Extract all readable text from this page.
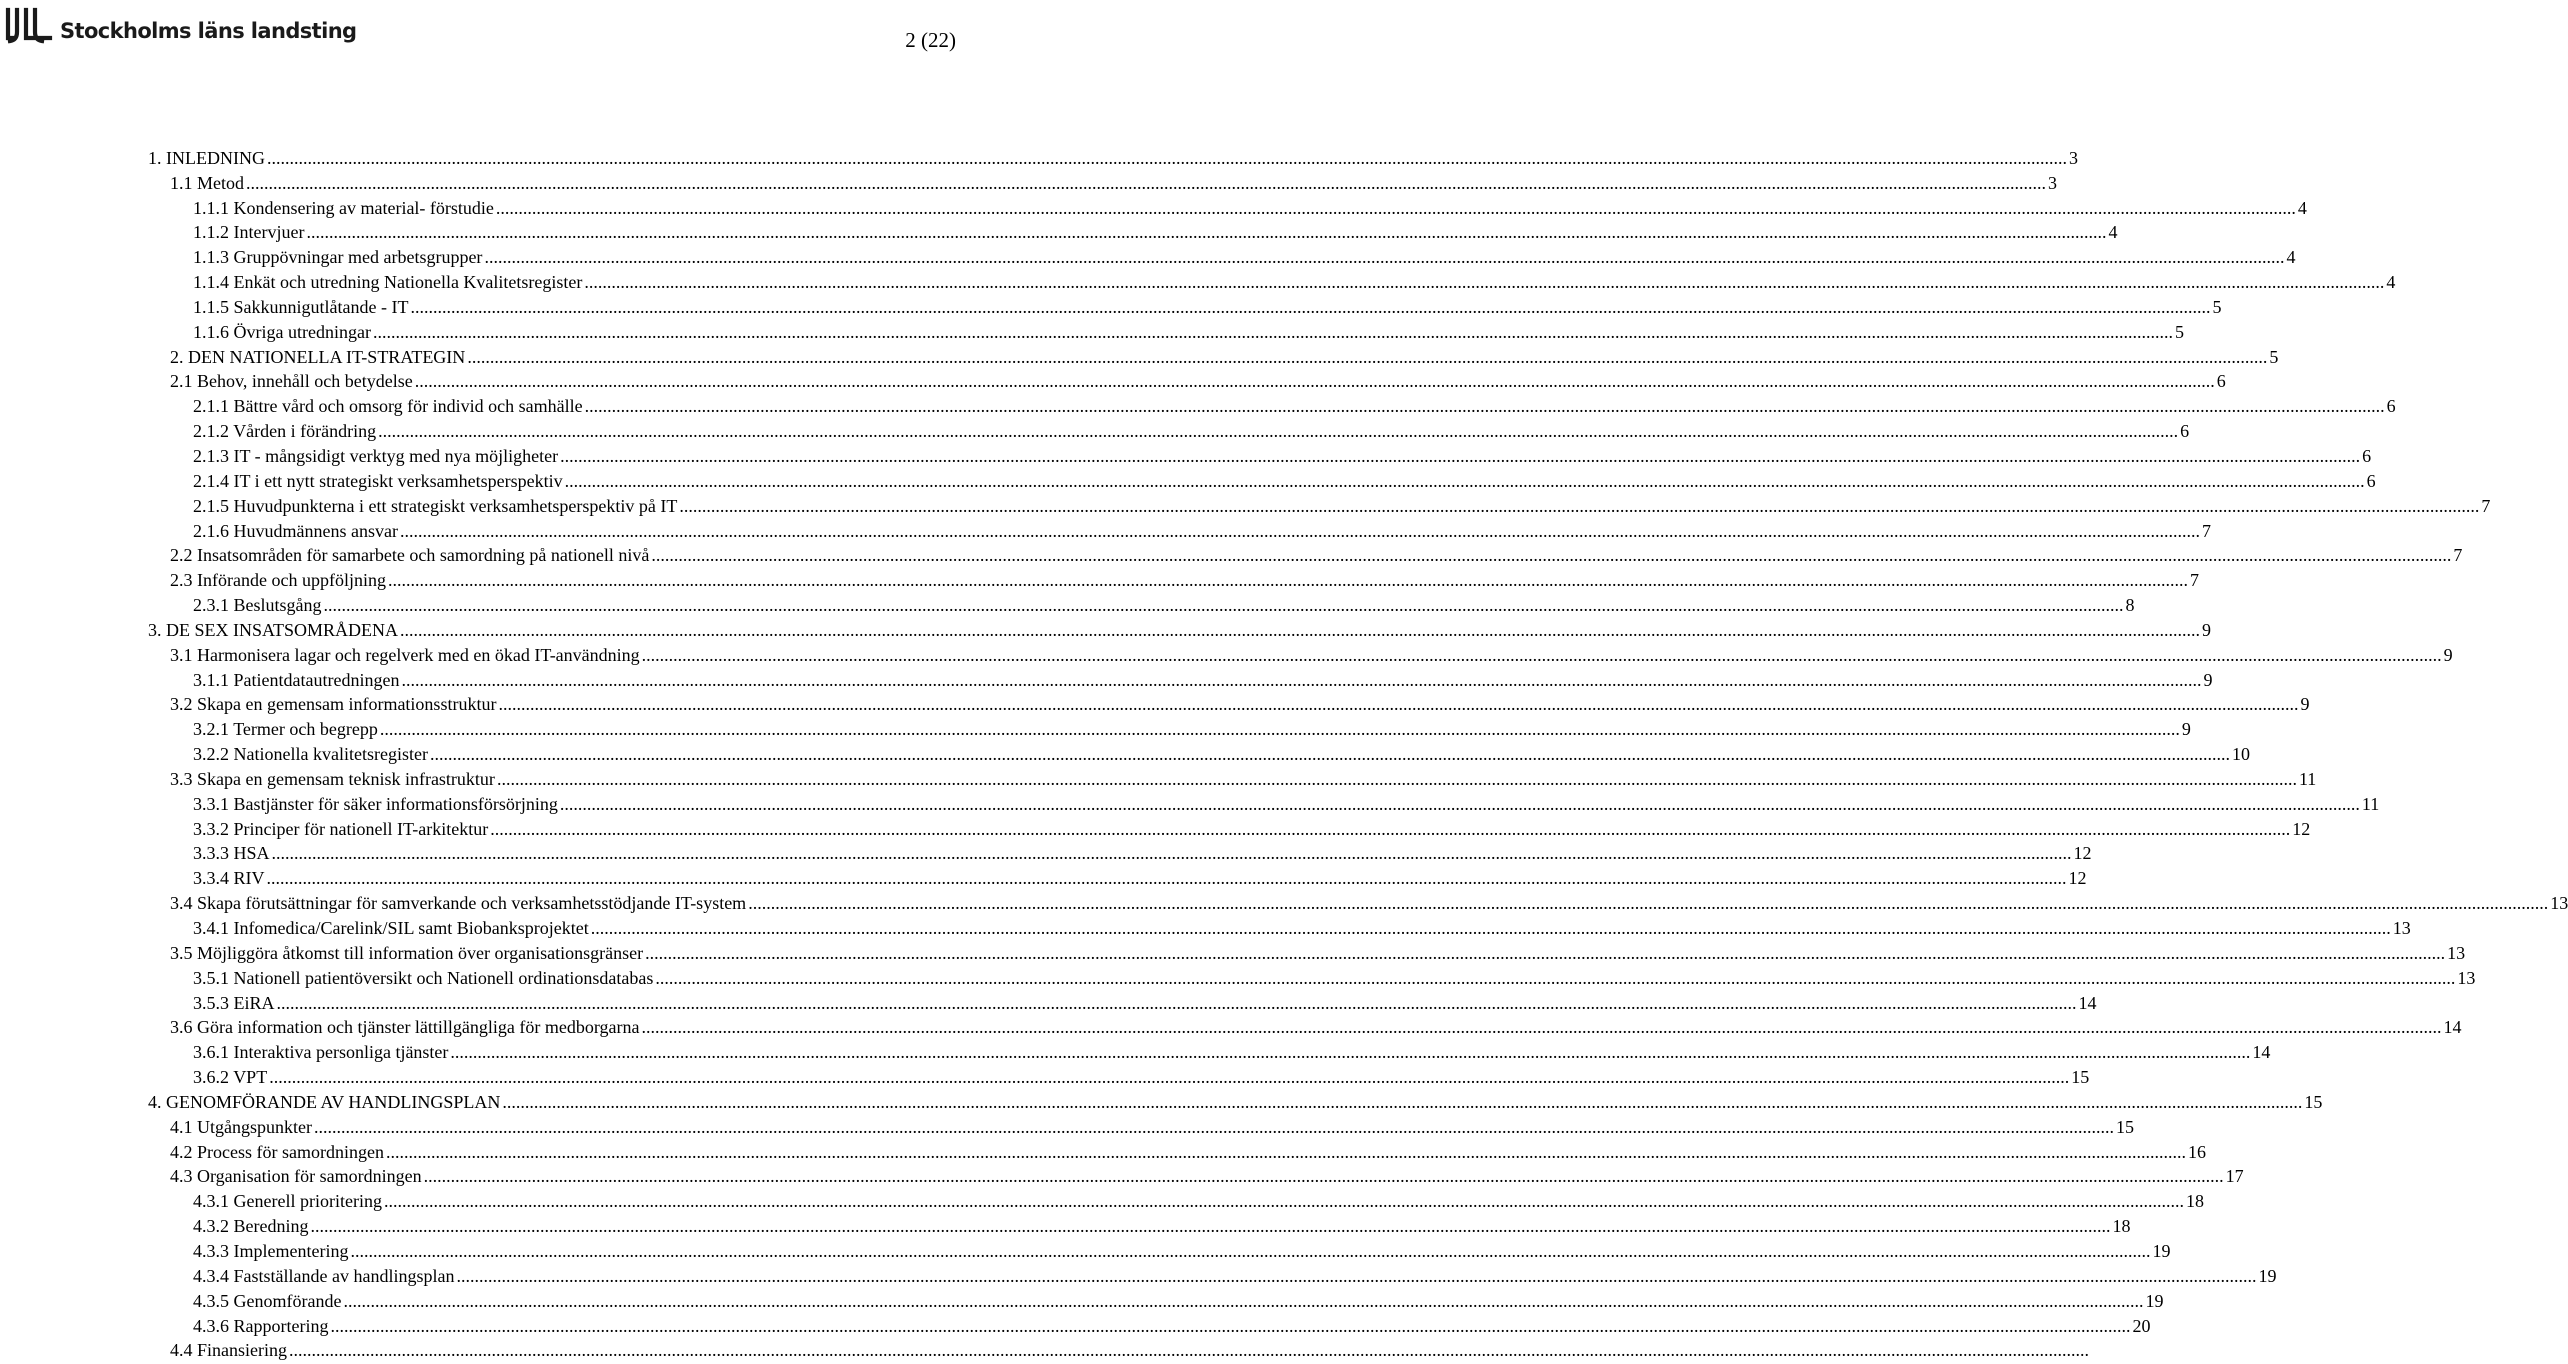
Stockholms läns landsting	2 (22)
1. INLEDNING ................................................................................................................................................................................................................................................................................................................................................................................................................ 3
1.1 Metod ................................................................................................................................................................................................................................................................................................................................................................................................................ 3
1.1.1 Kondensering av material- förstudie ................................................................................................................................................................................................................................................................................................................................................................................................................ 4
1.1.2 Intervjuer ................................................................................................................................................................................................................................................................................................................................................................................................................ 4
1.1.3 Gruppövningar med arbetsgrupper ................................................................................................................................................................................................................................................................................................................................................................................................................ 4
1.1.4 Enkät och utredning Nationella Kvalitetsregister ................................................................................................................................................................................................................................................................................................................................................................................................................ 4
1.1.5 Sakkunnigutlåtande - IT ................................................................................................................................................................................................................................................................................................................................................................................................................ 5
1.1.6 Övriga utredningar ................................................................................................................................................................................................................................................................................................................................................................................................................ 5
2. DEN NATIONELLA IT-STRATEGIN ................................................................................................................................................................................................................................................................................................................................................................................................................ 5
2.1 Behov, innehåll och betydelse ................................................................................................................................................................................................................................................................................................................................................................................................................ 6
2.1.1 Bättre vård och omsorg för individ och samhälle ................................................................................................................................................................................................................................................................................................................................................................................................................ 6
2.1.2 Vården i förändring ................................................................................................................................................................................................................................................................................................................................................................................................................ 6
2.1.3 IT - mångsidigt verktyg med nya möjligheter ................................................................................................................................................................................................................................................................................................................................................................................................................ 6
2.1.4 IT i ett nytt strategiskt verksamhetsperspektiv ................................................................................................................................................................................................................................................................................................................................................................................................................ 6
2.1.5 Huvudpunkterna i ett strategiskt verksamhetsperspektiv på IT ................................................................................................................................................................................................................................................................................................................................................................................................................ 7
2.1.6 Huvudmännens ansvar ................................................................................................................................................................................................................................................................................................................................................................................................................ 7
2.2 Insatsområden för samarbete och samordning på nationell nivå ................................................................................................................................................................................................................................................................................................................................................................................................................ 7
2.3 Införande och uppföljning ................................................................................................................................................................................................................................................................................................................................................................................................................ 7
2.3.1 Beslutsgång ................................................................................................................................................................................................................................................................................................................................................................................................................ 8
3. DE SEX INSATSOMRÅDENA ................................................................................................................................................................................................................................................................................................................................................................................................................ 9
3.1 Harmonisera lagar och regelverk med en ökad IT-användning ................................................................................................................................................................................................................................................................................................................................................................................................................ 9
3.1.1 Patientdatautredningen ................................................................................................................................................................................................................................................................................................................................................................................................................ 9
3.2 Skapa en gemensam informationsstruktur ................................................................................................................................................................................................................................................................................................................................................................................................................ 9
3.2.1 Termer och begrepp ................................................................................................................................................................................................................................................................................................................................................................................................................ 9
3.2.2 Nationella kvalitetsregister ................................................................................................................................................................................................................................................................................................................................................................................................................ 10
3.3 Skapa en gemensam teknisk infrastruktur ................................................................................................................................................................................................................................................................................................................................................................................................................ 11
3.3.1 Bastjänster för säker informationsförsörjning ................................................................................................................................................................................................................................................................................................................................................................................................................ 11
3.3.2 Principer för nationell IT-arkitektur ................................................................................................................................................................................................................................................................................................................................................................................................................ 12
3.3.3 HSA ................................................................................................................................................................................................................................................................................................................................................................................................................ 12
3.3.4 RIV ................................................................................................................................................................................................................................................................................................................................................................................................................ 12
3.4 Skapa förutsättningar för samverkande och verksamhetsstödjande IT-system ................................................................................................................................................................................................................................................................................................................................................................................................................ 13
3.4.1 Infomedica/Carelink/SIL samt Biobanksprojektet ................................................................................................................................................................................................................................................................................................................................................................................................................ 13
3.5 Möjliggöra åtkomst till information över organisationsgränser ................................................................................................................................................................................................................................................................................................................................................................................................................ 13
3.5.1 Nationell patientöversikt och Nationell ordinationsdatabas ................................................................................................................................................................................................................................................................................................................................................................................................................ 13
3.5.3 EiRA ................................................................................................................................................................................................................................................................................................................................................................................................................ 14
3.6 Göra information och tjänster lättillgängliga för medborgarna ................................................................................................................................................................................................................................................................................................................................................................................................................ 14
3.6.1 Interaktiva personliga tjänster ................................................................................................................................................................................................................................................................................................................................................................................................................ 14
3.6.2 VPT ................................................................................................................................................................................................................................................................................................................................................................................................................ 15
4. GENOMFÖRANDE AV HANDLINGSPLAN ................................................................................................................................................................................................................................................................................................................................................................................................................ 15
4.1 Utgångspunkter ................................................................................................................................................................................................................................................................................................................................................................................................................ 15
4.2 Process för samordningen ................................................................................................................................................................................................................................................................................................................................................................................................................ 16
4.3 Organisation för samordningen ................................................................................................................................................................................................................................................................................................................................................................................................................ 17
4.3.1 Generell prioritering ................................................................................................................................................................................................................................................................................................................................................................................................................ 18
4.3.2 Beredning ................................................................................................................................................................................................................................................................................................................................................................................................................ 18
4.3.3 Implementering ................................................................................................................................................................................................................................................................................................................................................................................................................ 19
4.3.4 Fastställande av handlingsplan ................................................................................................................................................................................................................................................................................................................................................................................................................ 19
4.3.5 Genomförande ................................................................................................................................................................................................................................................................................................................................................................................................................ 19
4.3.6 Rapportering ................................................................................................................................................................................................................................................................................................................................................................................................................ 20
4.4 Finansiering ................................................................................................................................................................................................................................................................................................................................................................................................................
